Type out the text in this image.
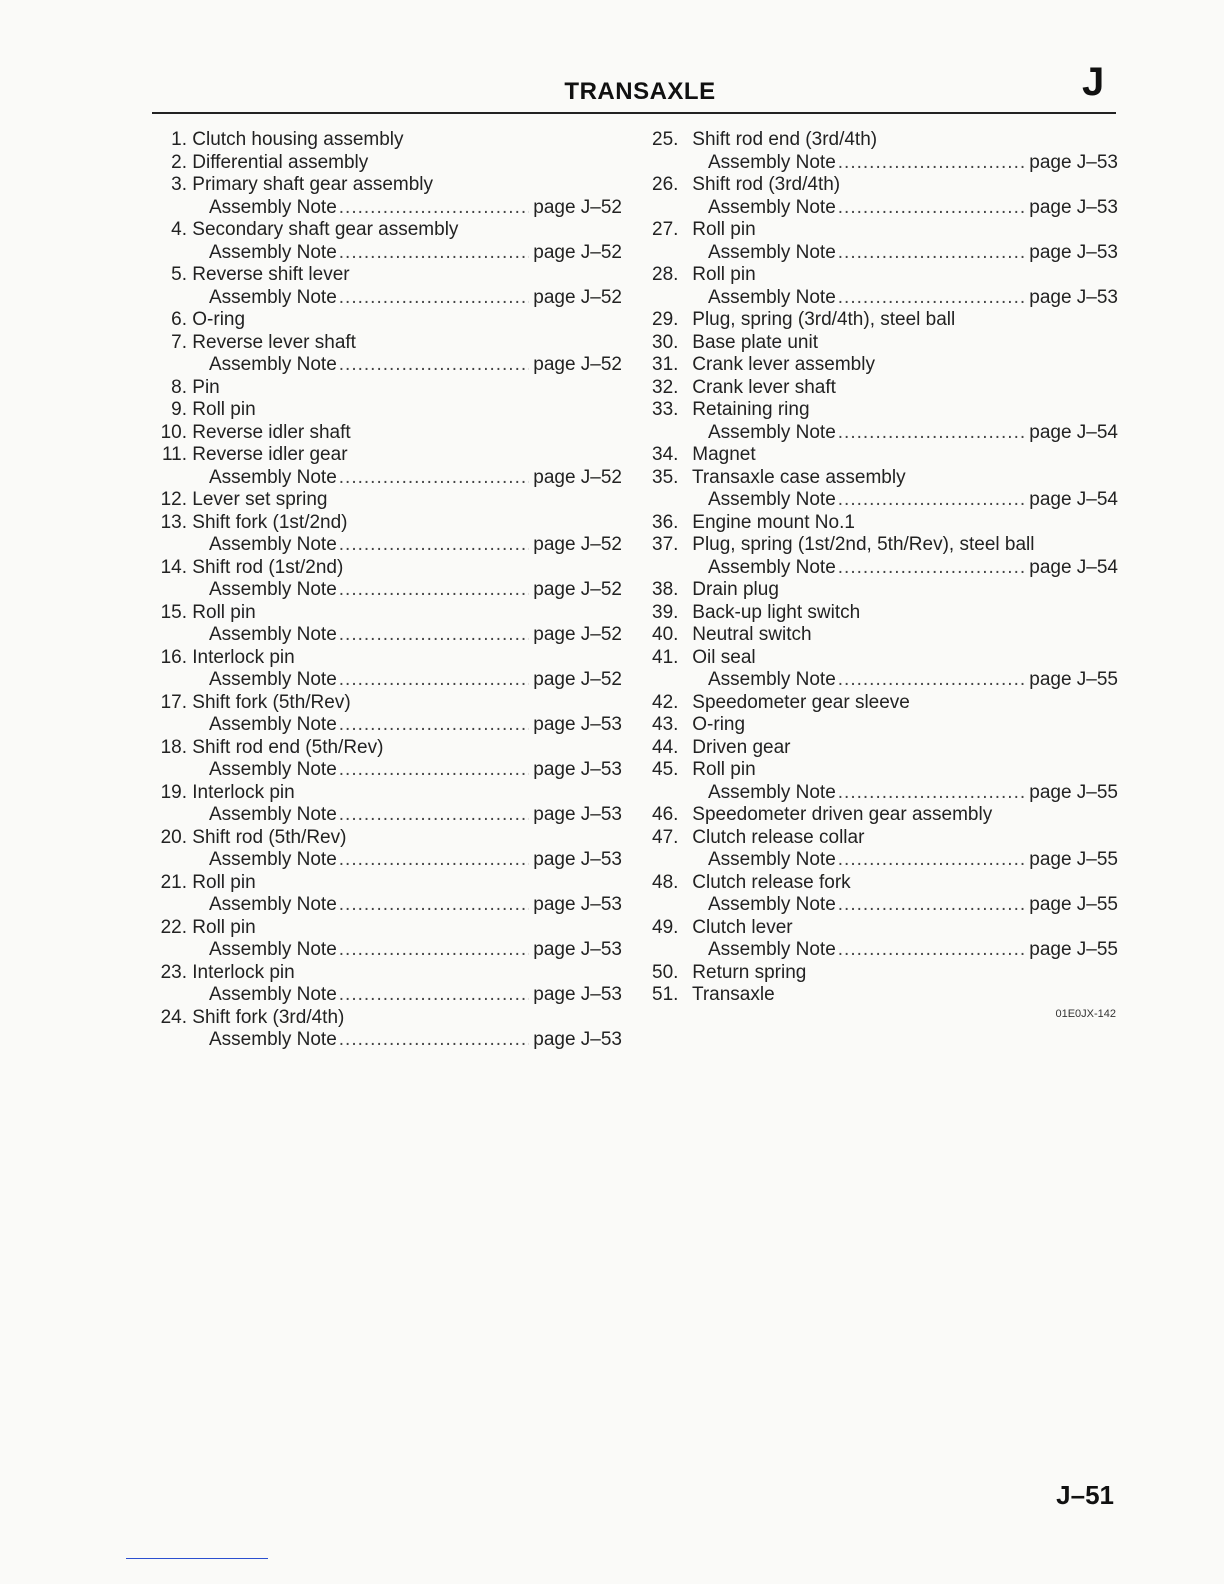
TRANSAXLE	J
1. Clutch housing assembly
2. Differential assembly
3. Primary shaft gear assembly
Assembly Note .....	page J–52
4. Secondary shaft gear assembly
Assembly Note .....	page J–52
5. Reverse shift lever
Assembly Note .....	page J–52
6. O-ring
7. Reverse lever shaft
Assembly Note .....	page J–52
8. Pin
9. Roll pin
10. Reverse idler shaft
11. Reverse idler gear
Assembly Note .....	page J–52
12. Lever set spring
13. Shift fork (1st/2nd)
Assembly Note .....	page J–52
14. Shift rod (1st/2nd)
Assembly Note .....	page J–52
15. Roll pin
Assembly Note .....	page J–52
16. Interlock pin
Assembly Note .....	page J–52
17. Shift fork (5th/Rev)
Assembly Note .....	page J–53
18. Shift rod end (5th/Rev)
Assembly Note .....	page J–53
19. Interlock pin
Assembly Note .....	page J–53
20. Shift rod (5th/Rev)
Assembly Note .....	page J–53
21. Roll pin
Assembly Note .....	page J–53
22. Roll pin
Assembly Note .....	page J–53
23. Interlock pin
Assembly Note .....	page J–53
24. Shift fork (3rd/4th)
Assembly Note .....	page J–53
25. Shift rod end (3rd/4th)
Assembly Note .....	page J–53
26. Shift rod (3rd/4th)
Assembly Note .....	page J–53
27. Roll pin
Assembly Note .....	page J–53
28. Roll pin
Assembly Note .....	page J–53
29. Plug, spring (3rd/4th), steel ball
30. Base plate unit
31. Crank lever assembly
32. Crank lever shaft
33. Retaining ring
Assembly Note .....	page J–54
34. Magnet
35. Transaxle case assembly
Assembly Note .....	page J–54
36. Engine mount No.1
37. Plug, spring (1st/2nd, 5th/Rev), steel ball
Assembly Note .....	page J–54
38. Drain plug
39. Back-up light switch
40. Neutral switch
41. Oil seal
Assembly Note .....	page J–55
42. Speedometer gear sleeve
43. O-ring
44. Driven gear
45. Roll pin
Assembly Note .....	page J–55
46. Speedometer driven gear assembly
47. Clutch release collar
Assembly Note .....	page J–55
48. Clutch release fork
Assembly Note .....	page J–55
49. Clutch lever
Assembly Note .....	page J–55
50. Return spring
51. Transaxle
01E0JX-142
J–51
